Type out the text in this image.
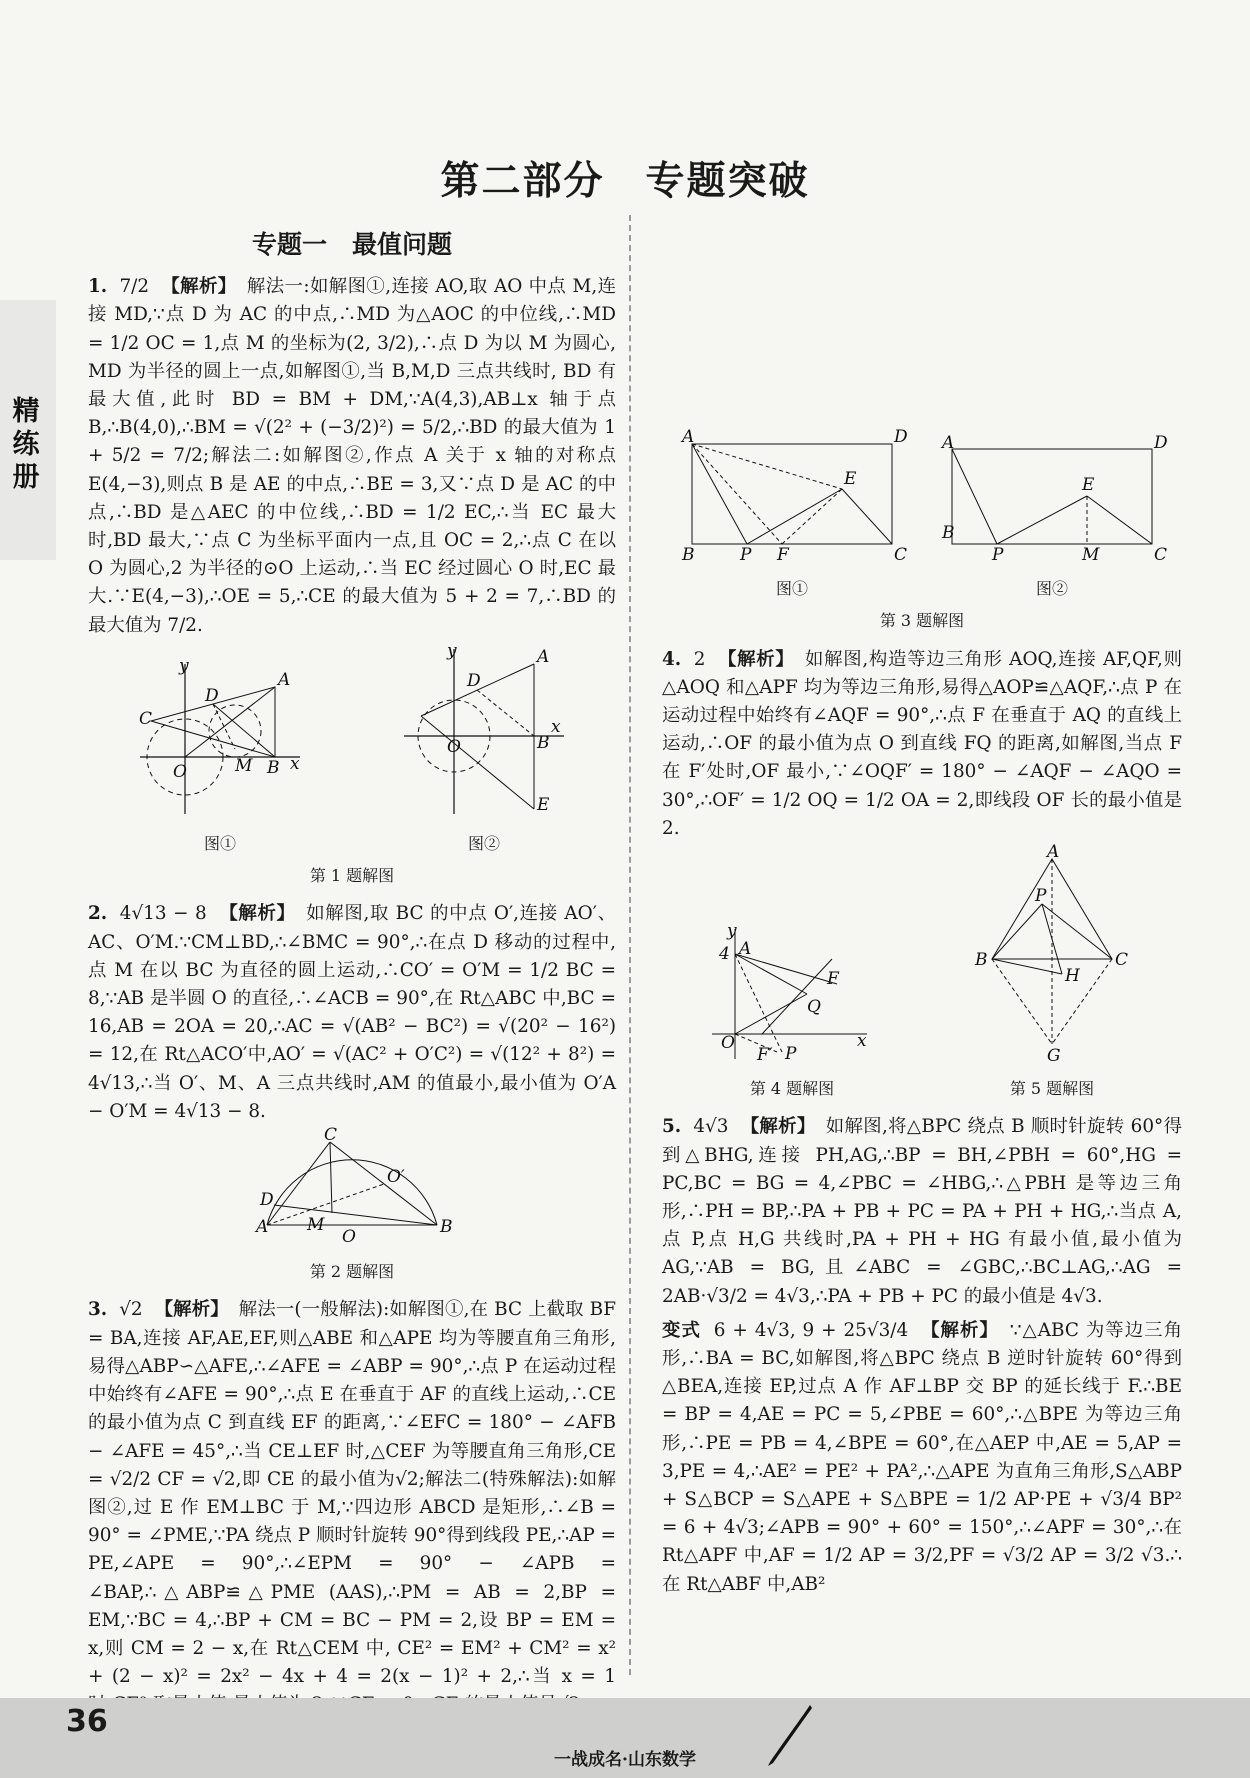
精练册
第二部分　专题突破
专题一　最值问题

1. 7/2 【解析】 解法一:如解图①,连接 AO,取 AO 中点 M,连接 MD,∵点 D 为 AC 的中点,∴MD 为△AOC 的中位线,∴MD = 1/2 OC = 1,点 M 的坐标为(2, 3/2),∴点 D 为以 M 为圆心, MD 为半径的圆上一点,如解图①,当 B,M,D 三点共线时, BD 有最大值,此时 BD = BM + DM,∵A(4,3),AB⊥x 轴于点 B,∴B(4,0),∴BM = √(2² + (−3/2)²) = 5/2,∴BD 的最大值为 1 + 5/2 = 7/2;解法二:如解图②,作点 A 关于 x 轴的对称点 E(4,−3),则点 B 是 AE 的中点,∴BE = 3,又∵点 D 是 AC 的中点,∴BD 是△AEC 的中位线,∴BD = 1/2 EC,∴当 EC 最大时,BD 最大,∵点 C 为坐标平面内一点,且 OC = 2,∴点 C 在以 O 为圆心,2 为半径的⊙O 上运动,∴当 EC 经过圆心 O 时,EC 最大.∵E(4,−3),∴OE = 5,∴CE 的最大值为 5 + 2 = 7,∴BD 的最大值为 7/2.

y
x
A
D
C
O	M B
图①
y
x
A
D
B
E
O
图②
第 1 题解图

2. 4√13 − 8 【解析】 如解图,取 BC 的中点 O′,连接 AO′、AC、O′M.∵CM⊥BD,∴∠BMC = 90°,∴在点 D 移动的过程中,点 M 在以 BC 为直径的圆上运动,∴CO′ = O′M = 1/2 BC = 8,∵AB 是半圆 O 的直径,∴∠ACB = 90°,在 Rt△ABC 中,BC = 16,AB = 2OA = 20,∴AC = √(AB² − BC²) = √(20² − 16²) = 12,在 Rt△ACO′中,AO′ = √(AC² + O′C²) = √(12² + 8²) = 4√13,∴当 O′、M、A 三点共线时,AM 的值最小,最小值为 O′A − O′M = 4√13 − 8.

C
A	B
D
M
O′
O
第 2 题解图

3. √2 【解析】 解法一(一般解法):如解图①,在 BC 上截取 BF = BA,连接 AF,AE,EF,则△ABE 和△APE 均为等腰直角三角形,易得△ABP∽△AFE,∴∠AFE = ∠ABP = 90°,∴点 P 在运动过程中始终有∠AFE = 90°,∴点 E 在垂直于 AF 的直线上运动,∴CE 的最小值为点 C 到直线 EF 的距离,∵∠EFC = 180° − ∠AFB − ∠AFE = 45°,∴当 CE⊥EF 时,△CEF 为等腰直角三角形,CE = √2/2 CF = √2,即 CE 的最小值为√2;解法二(特殊解法):如解图②,过 E 作 EM⊥BC 于 M,∵四边形 ABCD 是矩形,∴∠B = 90° = ∠PME,∵PA 绕点 P 顺时针旋转 90°得到线段 PE,∴AP = PE,∠APE = 90°,∴∠EPM = 90° − ∠APB = ∠BAP,∴△ABP≌△PME (AAS),∴PM = AB = 2,BP = EM,∵BC = 4,∴BP + CM = BC − PM = 2,设 BP = EM = x,则 CM = 2 − x,在 Rt△CEM 中, CE² = EM² + CM² = x² + (2 − x)² = 2x² − 4x + 4 = 2(x − 1)² + 2,∴当 x = 1

A	D
B	C
P F
E
图①
A	D
B
C
P	M
E
图②
第 3 题解图

4. 2 【解析】 如解图,构造等边三角形 AOQ,连接 AF,QF,则△AOQ 和△APF 均为等边三角形,易得△AOP≌△AQF,∴点 P 在运动过程中始终有∠AQF = 90°,∴点 F 在垂直于 AQ 的直线上运动,∴OF 的最小值为点 O 到直线 FQ 的距离,如解图,当点 F 在 F′处时,OF 最小,∵∠OQF′ = 180° − ∠AQF − ∠AQO = 30°,∴OF′ = 1/2 OQ = 1/2 OA = 2,即线段 OF 长的最小值是 2.

y
x
4 A
O
F
Q
P
F′
第 4 题解图
A
B	C
P
H
G
第 5 题解图

5. 4√3 【解析】 如解图,将△BPC 绕点 B 顺时针旋转 60°得到△BHG,连接 PH,AG,∴BP = BH,∠PBH = 60°,HG = PC,BC = BG = 4,∠PBC = ∠HBG,∴△PBH 是等边三角形,∴PH = BP,∴PA + PB + PC = PA + PH + HG,∴当点 A,点 P,点 H,G 共线时,PA + PH + HG 有最小值,最小值为 AG,∵AB = BG,且∠ABC = ∠GBC,∴BC⊥AG,∴AG = 2AB·√3/2 = 4√3,∴PA + PB + PC 的最小值是 4√3.

变式 6 + 4√3, 9 + 25√3/4 【解析】 ∵△ABC 为等边三角形,∴BA = BC,如解图,将△BPC 绕点 B 逆时针旋转 60°得到△BEA,连接 EP,过点 A 作 AF⊥BP 交 BP 的延长线于 F.∴BE = BP = 4,AE = PC = 5,∠PBE = 60°,∴△BPE 为等边三角形,∴PE = PB = 4,∠BPE = 60°,在△AEP 中,AE = 5,AP = 3,PE = 4,∴AE² = PE² + PA²,∴△APE 为直角三角形,S△ABP + S△BCP = S△APE + S△BPE = 1/2 AP·PE + √3/4 BP² = 6 + 4√3;∠APB = 90° + 60° = 150°,∴∠APF = 30°,∴在 Rt△APF 中,AF = 1/2 AP = 3/2,PF = √3/2 AP = 3/2 √3.∴在 Rt△ABF 中,AB²

36
一战成名·山东数学
